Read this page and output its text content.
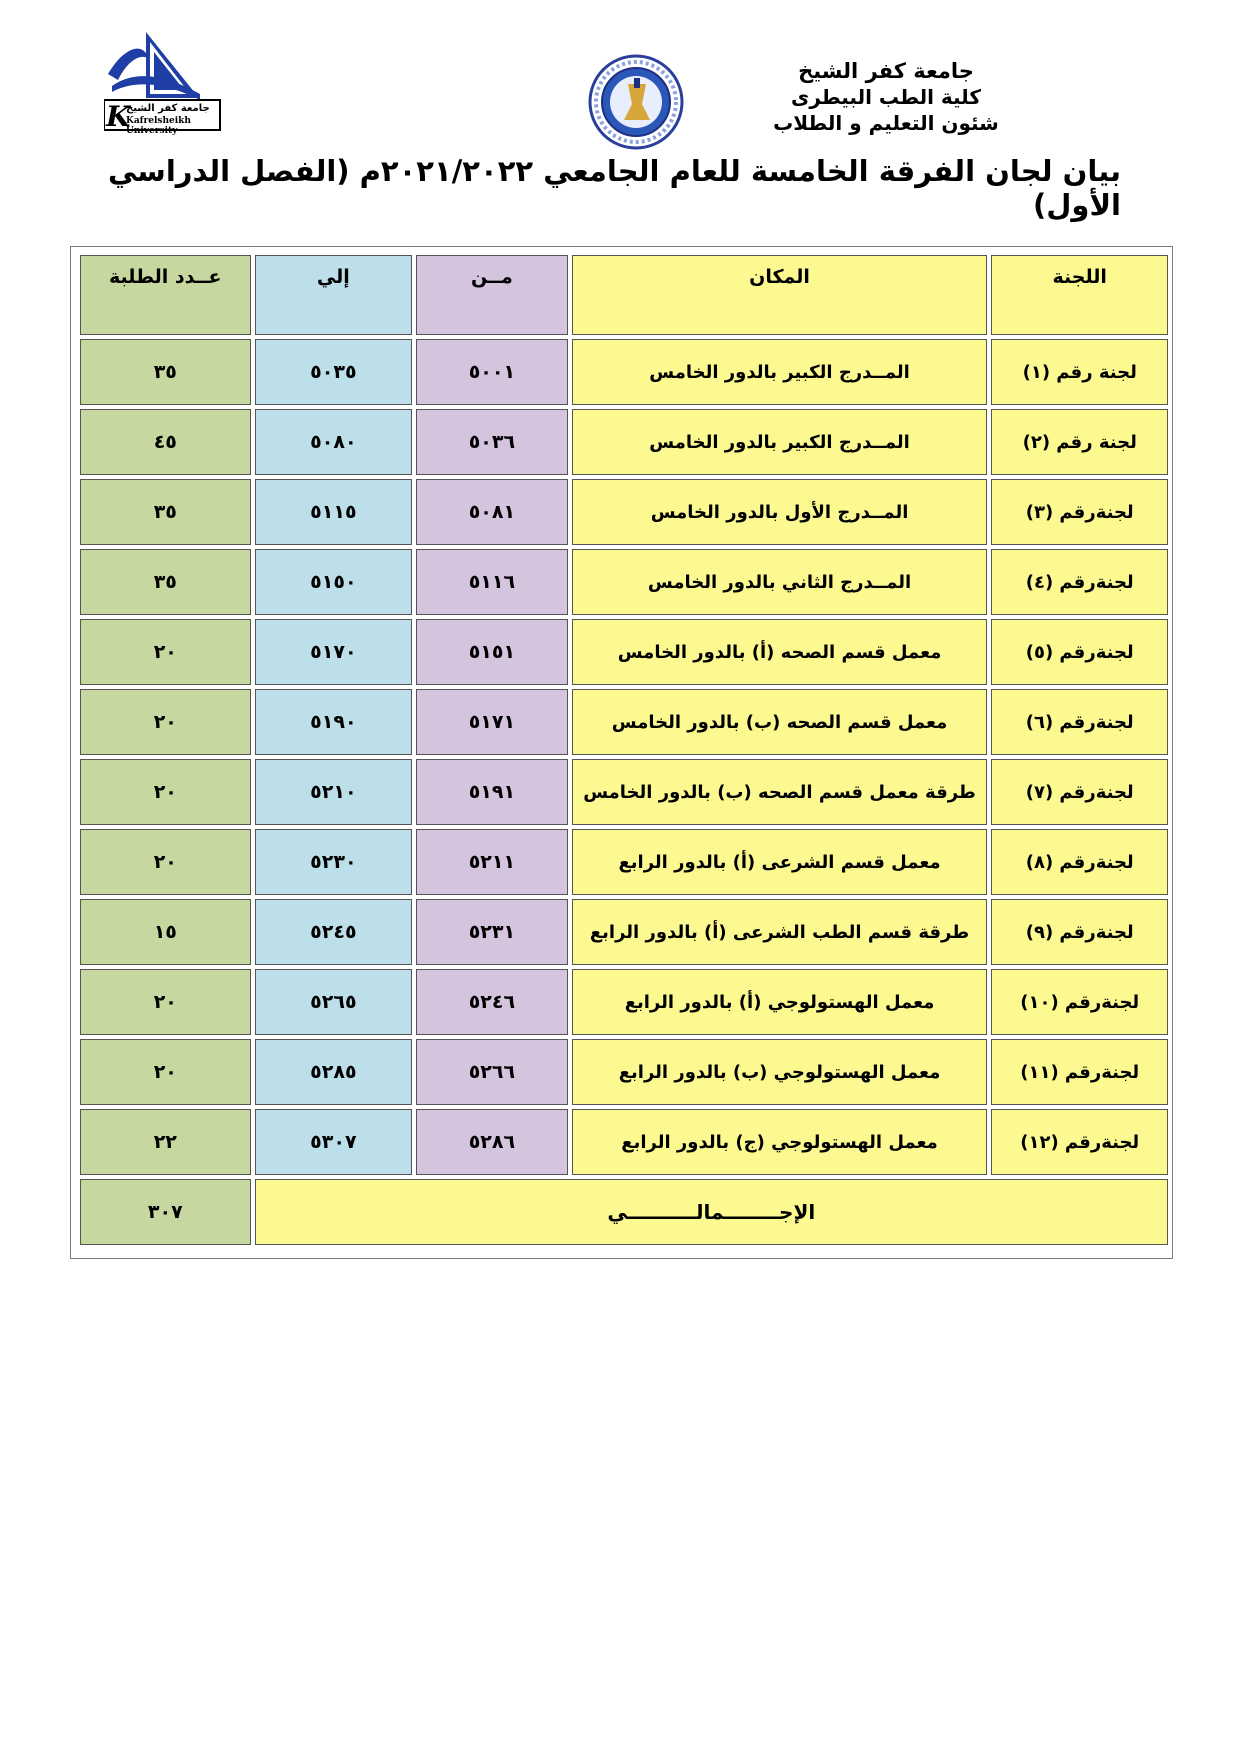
K
جامعة كفر الشيخ
Kafrelsheikh University
جامعة كفر الشيخ
كلية الطب البيطرى
شئون التعليم و الطلاب
بيان لجان الفرقة الخامسة للعام الجامعي ٢٠٢١/٢٠٢٢م (الفصل الدراسي الأول)
اللجنة	المكان	مــن	إلي	عــدد الطلبة
لجنة رقم (١)	المــدرج الكبير بالدور الخامس	٥٠٠١	٥٠٣٥	٣٥
لجنة رقم (٢)	المــدرج الكبير بالدور الخامس	٥٠٣٦	٥٠٨٠	٤٥
لجنةرقم (٣)	المــدرج الأول بالدور الخامس	٥٠٨١	٥١١٥	٣٥
لجنةرقم (٤)	المــدرج الثاني بالدور الخامس	٥١١٦	٥١٥٠	٣٥
لجنةرقم (٥)	معمل قسم الصحه (أ) بالدور الخامس	٥١٥١	٥١٧٠	٢٠
لجنةرقم (٦)	معمل قسم الصحه (ب) بالدور الخامس	٥١٧١	٥١٩٠	٢٠
لجنةرقم (٧)	طرقة معمل قسم الصحه (ب) بالدور الخامس	٥١٩١	٥٢١٠	٢٠
لجنةرقم (٨)	معمل قسم الشرعى (أ) بالدور الرابع	٥٢١١	٥٢٣٠	٢٠
لجنةرقم (٩)	طرقة قسم الطب الشرعى (أ) بالدور الرابع	٥٢٣١	٥٢٤٥	١٥
لجنةرقم (١٠)	معمل الهستولوجي (أ) بالدور الرابع	٥٢٤٦	٥٢٦٥	٢٠
لجنةرقم (١١)	معمل الهستولوجي (ب) بالدور الرابع	٥٢٦٦	٥٢٨٥	٢٠
لجنةرقم (١٢)	معمل الهستولوجي (ج) بالدور الرابع	٥٢٨٦	٥٣٠٧	٢٢
الإجــــــــمالــــــــــي				٣٠٧
